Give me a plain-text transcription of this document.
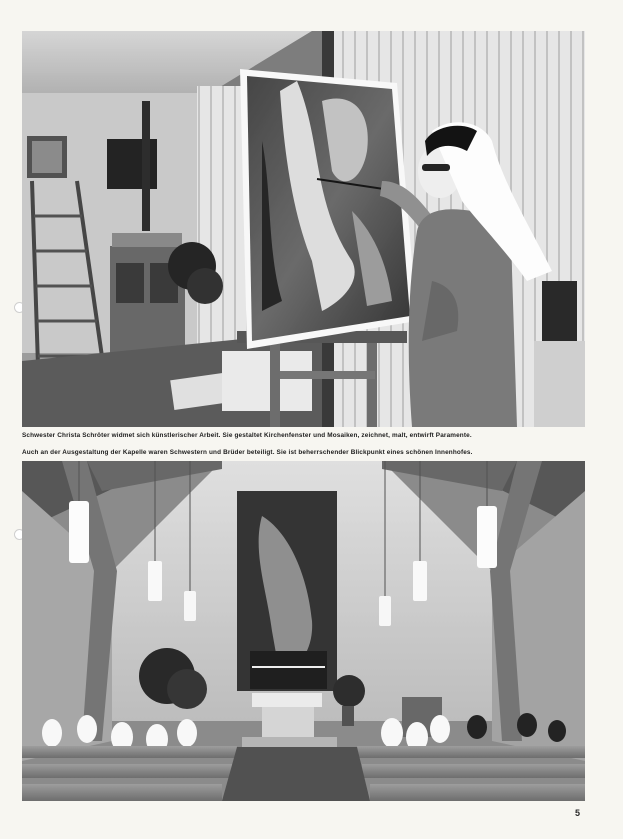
Schwester Christa Schröter widmet sich künstlerischer Arbeit. Sie gestaltet Kirchenfenster und Mosaiken, zeichnet, malt, entwirft Paramente.
Auch an der Ausgestaltung der Kapelle waren Schwestern und Brüder beteiligt. Sie ist beherrschender Blickpunkt eines schönen Innenhofes.
5
